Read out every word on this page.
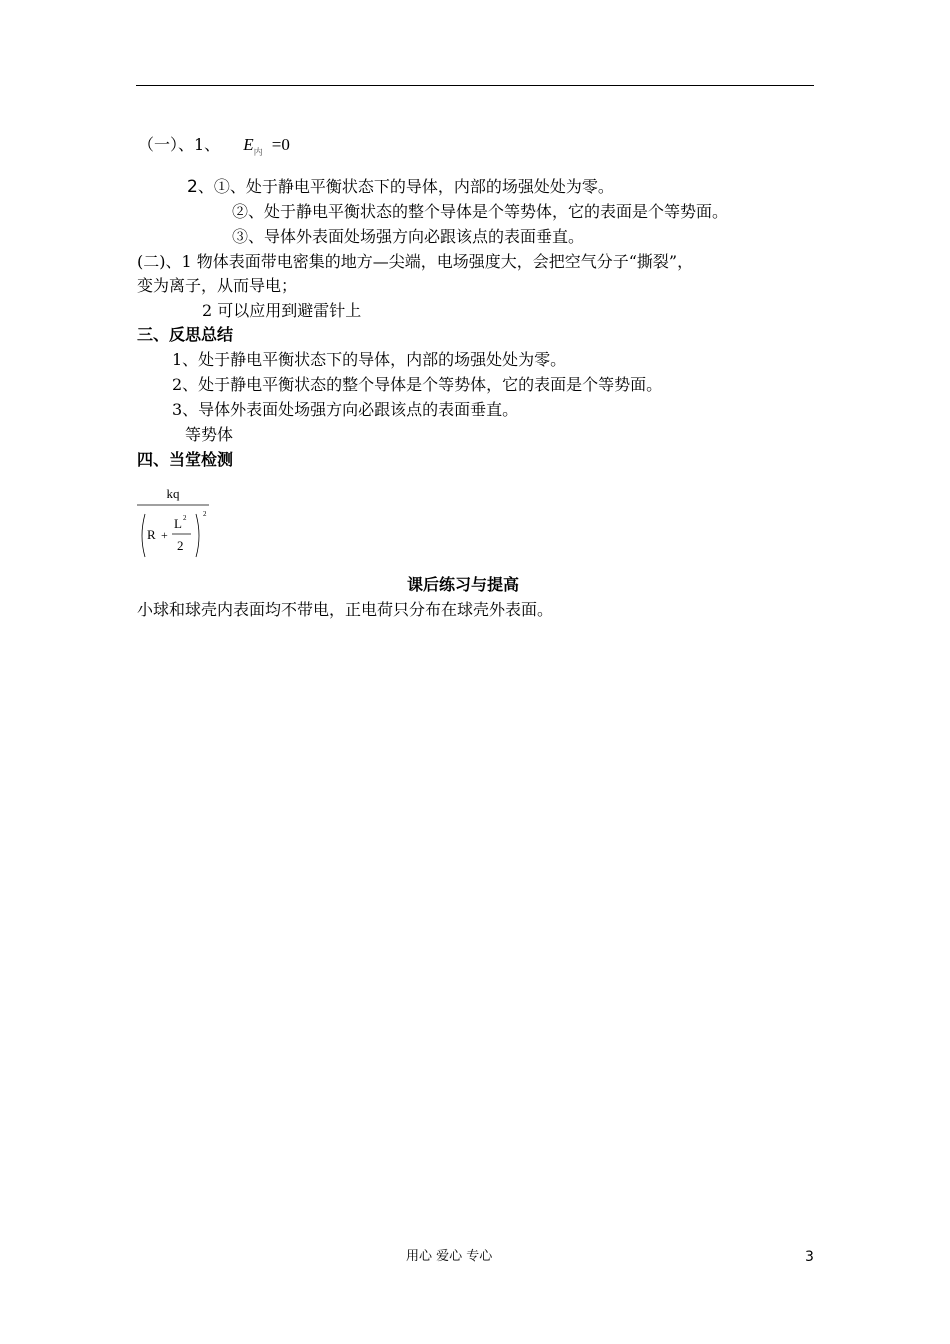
（一）、1、 $E_内 =0$
2、①、处于静电平衡状态下的导体，内部的场强处处为零。
②、处于静电平衡状态的整个导体是个等势体，它的表面是个等势面。
③、导体外表面处场强方向必跟该点的表面垂直。
(二)、1 物体表面带电密集的地方—尖端，电场强度大，会把空气分子“撕裂”，
变为离子，从而导电；
2 可以应用到避雷针上
三、反思总结
1、处于静电平衡状态下的导体，内部的场强处处为零。
2、处于静电平衡状态的整个导体是个等势体，它的表面是个等势面。
3、导体外表面处场强方向必跟该点的表面垂直。
等势体
四、当堂检测
kq
R +
L 2
2
2
课后练习与提高
小球和球壳内表面均不带电，正电荷只分布在球壳外表面。
用心 爱心 专心	3
